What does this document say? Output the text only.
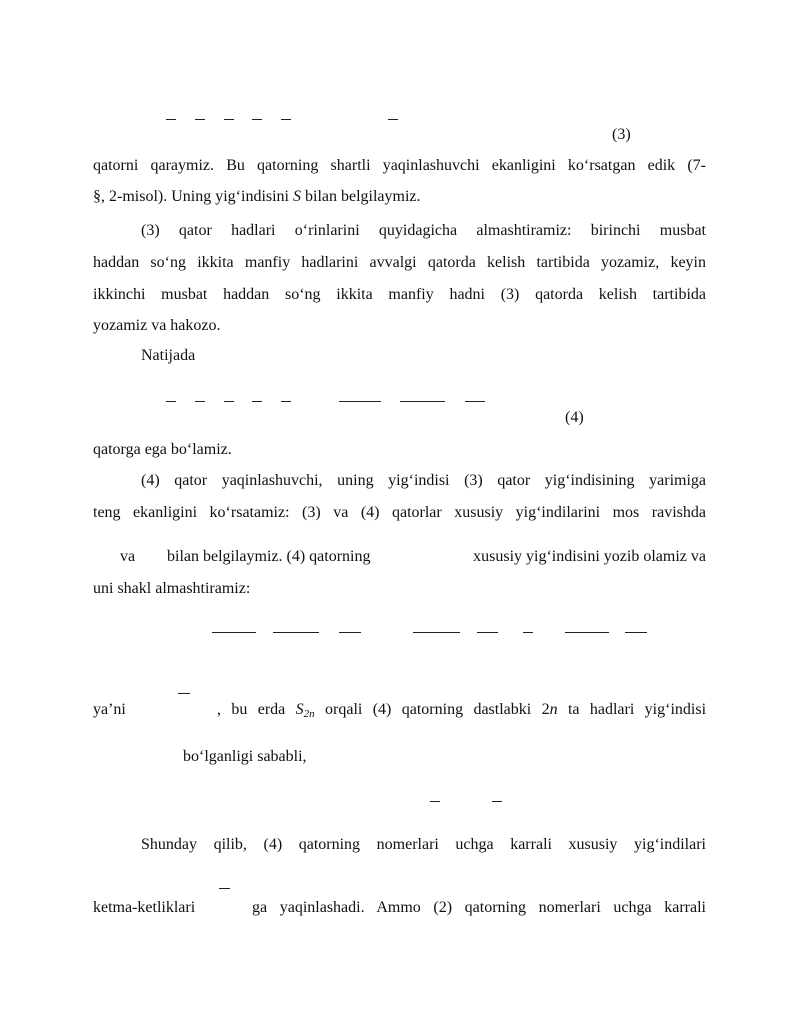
(3)
qatorni qaraymiz. Bu qatorning shartli yaqinlashuvchi ekanligini ko‘rsatgan edik (7-
§, 2-misol). Uning yig‘indisini S bilan belgilaymiz.
(3) qator hadlari o‘rinlarini quyidagicha almashtiramiz: birinchi musbat
haddan so‘ng ikkita manfiy hadlarini avvalgi qatorda kelish tartibida yozamiz, keyin
ikkinchi musbat haddan so‘ng ikkita manfiy hadni (3) qatorda kelish tartibida
yozamiz va hakozo.
Natijada
(4)
qatorga ega bo‘lamiz.
(4) qator yaqinlashuvchi, uning yig‘indisi (3) qator yig‘indisining yarimiga
teng ekanligini ko‘rsatamiz: (3) va (4) qatorlar xususiy yig‘indilarini mos ravishda
va bilan belgilaymiz. (4) qatorning	xususiy yig‘indisini yozib olamiz va
uni shakl almashtiramiz:
ya’ni	, bu erda S2n orqali (4) qatorning dastlabki 2n ta hadlari yig‘indisi
bo‘lganligi sababli,
Shunday qilib, (4) qatorning nomerlari uchga karrali xususiy yig‘indilari
ketma-ketliklari	ga yaqinlashadi. Ammo (2) qatorning nomerlari uchga karrali
